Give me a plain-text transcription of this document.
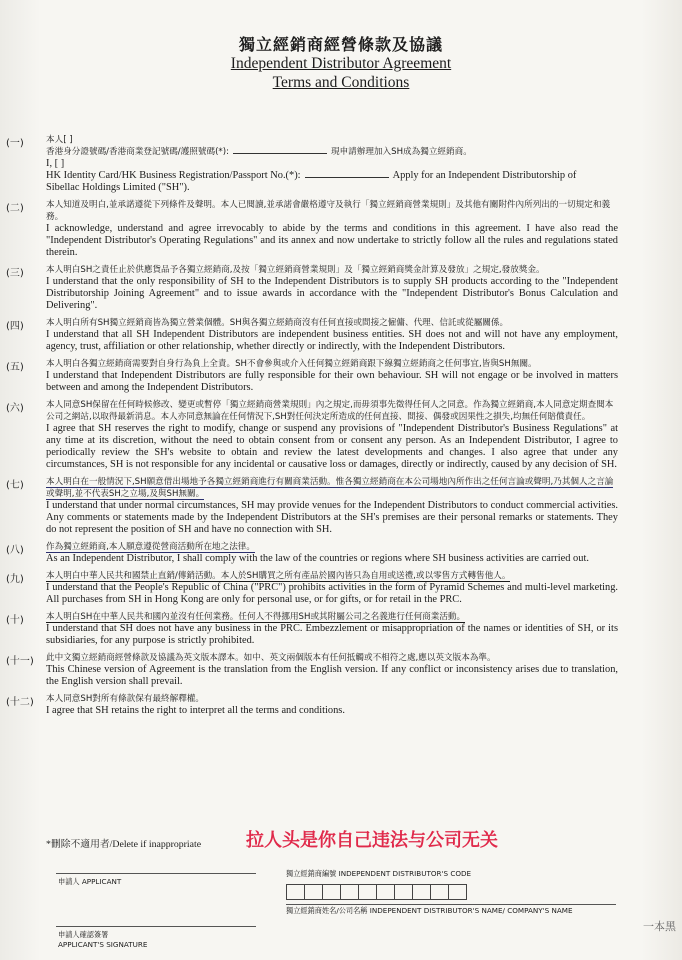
獨立經銷商經營條款及協議
Independent Distributor Agreement
Terms and Conditions
(一)	本人[ ]

香港身分證號碼/香港商業登記號碼/護照號碼(*):	現申請辦理加入SH成為獨立經銷商。

I, [ ]

HK Identity Card/HK Business Registration/Passport No.(*):	Apply for an Independent Distributorship of

Sibellac Holdings Limited ("SH").

(二)	本人知道及明白,並承諾遵從下列條件及聲明。本人已閱讀,並承諾會嚴格遵守及執行「獨立經銷商營業規則」及其他有關附件內所列出的一切規定和義務。

I acknowledge, understand and agree irrevocably to abide by the terms and conditions in this agreement. I have also read the "Independent Distributor's Operating Regulations" and its annex and now undertake to strictly follow all the rules and regulations stated therein.

(三)	本人明白SH之責任止於供應貨品予各獨立經銷商,及按「獨立經銷商營業規則」及「獨立經銷商獎金計算及發放」之規定,發放獎金。

I understand that the only responsibility of SH to the Independent Distributors is to supply SH products according to the "Independent Distributorship Joining Agreement" and to issue awards in accordance with the "Independent Distributor's Bonus Calculation and Delivering".

(四)	本人明白所有SH獨立經銷商皆為獨立營業個體。SH與各獨立經銷商沒有任何直接或間接之僱傭、代理、信託或從屬關係。

I understand that all SH Independent Distributors are independent business entities. SH does not and will not have any employment, agency, trust, affiliation or other relationship, whether directly or indirectly, with the Independent Distributors.

(五)	本人明白各獨立經銷商需要對自身行為負上全責。SH不會參與或介入任何獨立經銷商跟下線獨立經銷商之任何事宜,皆與SH無關。

I understand that Independent Distributors are fully responsible for their own behaviour. SH will not engage or be involved in matters between and among the Independent Distributors.

(六)	本人同意SH保留在任何時候修改、變更或暫停「獨立經銷商營業規則」內之規定,而毋須事先徵得任何人之同意。作為獨立經銷商,本人同意定期查閱本公司之網站,以取得最新消息。本人亦同意無論在任何情況下,SH對任何決定所造成的任何直接、間接、偶發或因果性之損失,均無任何賠償責任。

I agree that SH reserves the right to modify, change or suspend any provisions of "Independent Distributor's Business Regulations" at any time at its discretion, without the need to obtain consent from or consent any person. As an Independent Distributor, I agree to periodically review the SH's website to obtain and review the latest developments and changes. I also agree that under any circumstances, SH is not responsible for any incidental or causative loss or damages, directly or indirectly, caused by any decision of SH.

(七)	本人明白在一般情況下,SH願意借出場地予各獨立經銷商進行有關商業活動。惟各獨立經銷商在本公司場地內所作出之任何言論或聲明,乃其個人之言論或聲明,並不代表SH之立場,及與SH無關。

I understand that under normal circumstances, SH may provide venues for the Independent Distributors to conduct commercial activities. Any comments or statements made by the Independent Distributors at the SH's premises are their personal remarks or statements. They do not represent the position of SH and have no connection with SH.

(八)	作為獨立經銷商,本人願意遵從營商活動所在地之法律。

As an Independent Distributor, I shall comply with the law of the countries or regions where SH business activities are carried out.

(九)	本人明白中華人民共和國禁止直銷/傳銷活動。本人於SH購買之所有產品於國內皆只為自用或送禮,或以零售方式轉售他人。

I understand that the People's Republic of China ("PRC") prohibits activities in the form of Pyramid Schemes and multi-level marketing. All purchases from SH in Hong Kong are only for personal use, or for gifts, or for retail in the PRC.

(十)	本人明白SH在中華人民共和國內並沒有任何業務。任何人不得挪用SH或其附屬公司之名義進行任何商業活動。

I understand that SH does not have any business in the PRC. Embezzlement or misappropriation of the names or identities of SH, or its subsidiaries, for any purpose is strictly prohibited.

(十一) 此中文獨立經銷商經營條款及協議為英文版本譯本。如中、英文兩個版本有任何抵觸或不相符之處,應以英文版本為準。

This Chinese version of Agreement is the translation from the English version. If any conflict or inconsistency arises due to translation, the English version shall prevail.

(十二) 本人同意SH對所有條款保有最終解釋權。

I agree that SH retains the right to interpret all the terms and conditions.

*刪除不適用者/Delete if inappropriate 拉人头是你自己违法与公司无关
申請人 APPLICANT
申請人確認簽署
APPLICANT'S SIGNATURE
獨立經銷商編號 INDEPENDENT DISTRIBUTOR'S CODE
獨立經銷商姓名/公司名稱 INDEPENDENT DISTRIBUTOR'S NAME/ COMPANY'S NAME
一本黑
